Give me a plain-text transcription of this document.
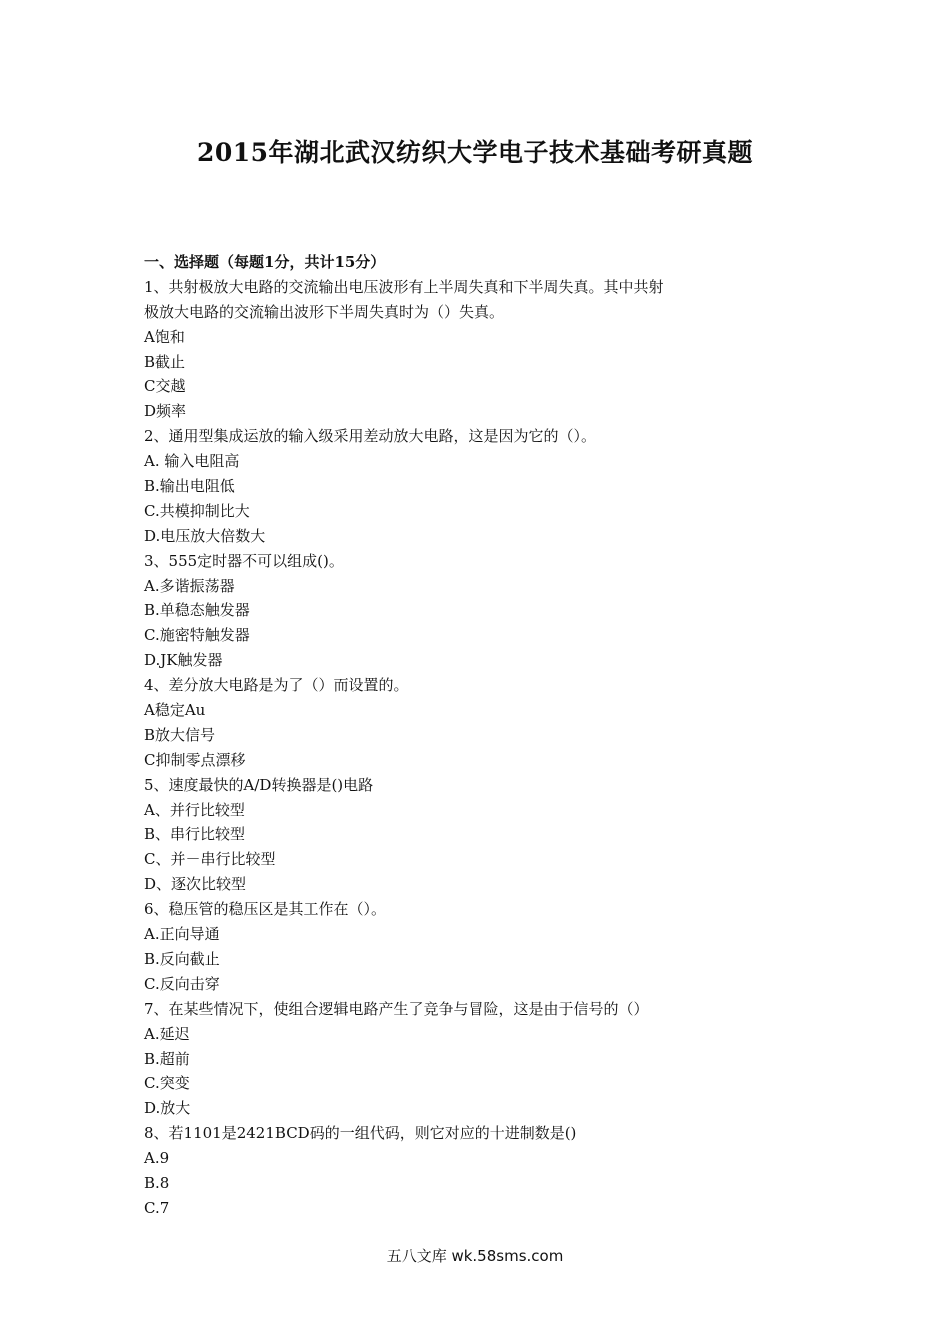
2015年湖北武汉纺织大学电子技术基础考研真题
一、选择题（每题1分，共计15分）
1、共射极放大电路的交流输出电压波形有上半周失真和下半周失真。其中共射
极放大电路的交流输出波形下半周失真时为（）失真。
A饱和
B截止
C交越
D频率
2、通用型集成运放的输入级采用差动放大电路，这是因为它的（）。
A. 输入电阻高
B.输出电阻低
C.共模抑制比大
D.电压放大倍数大
3、555定时器不可以组成()。
A.多谐振荡器
B.单稳态触发器
C.施密特触发器
D.JK触发器
4、差分放大电路是为了（）而设置的。
A稳定Au
B放大信号
C抑制零点漂移
5、速度最快的A/D转换器是()电路
A、并行比较型
B、串行比较型
C、并－串行比较型
D、逐次比较型
6、稳压管的稳压区是其工作在（）。
A.正向导通
B.反向截止
C.反向击穿
7、在某些情况下，使组合逻辑电路产生了竞争与冒险，这是由于信号的（）
A.延迟
B.超前
C.突变
D.放大
8、若1101是2421BCD码的一组代码，则它对应的十进制数是()
A.9
B.8
C.7
五八文库 wk.58sms.com
